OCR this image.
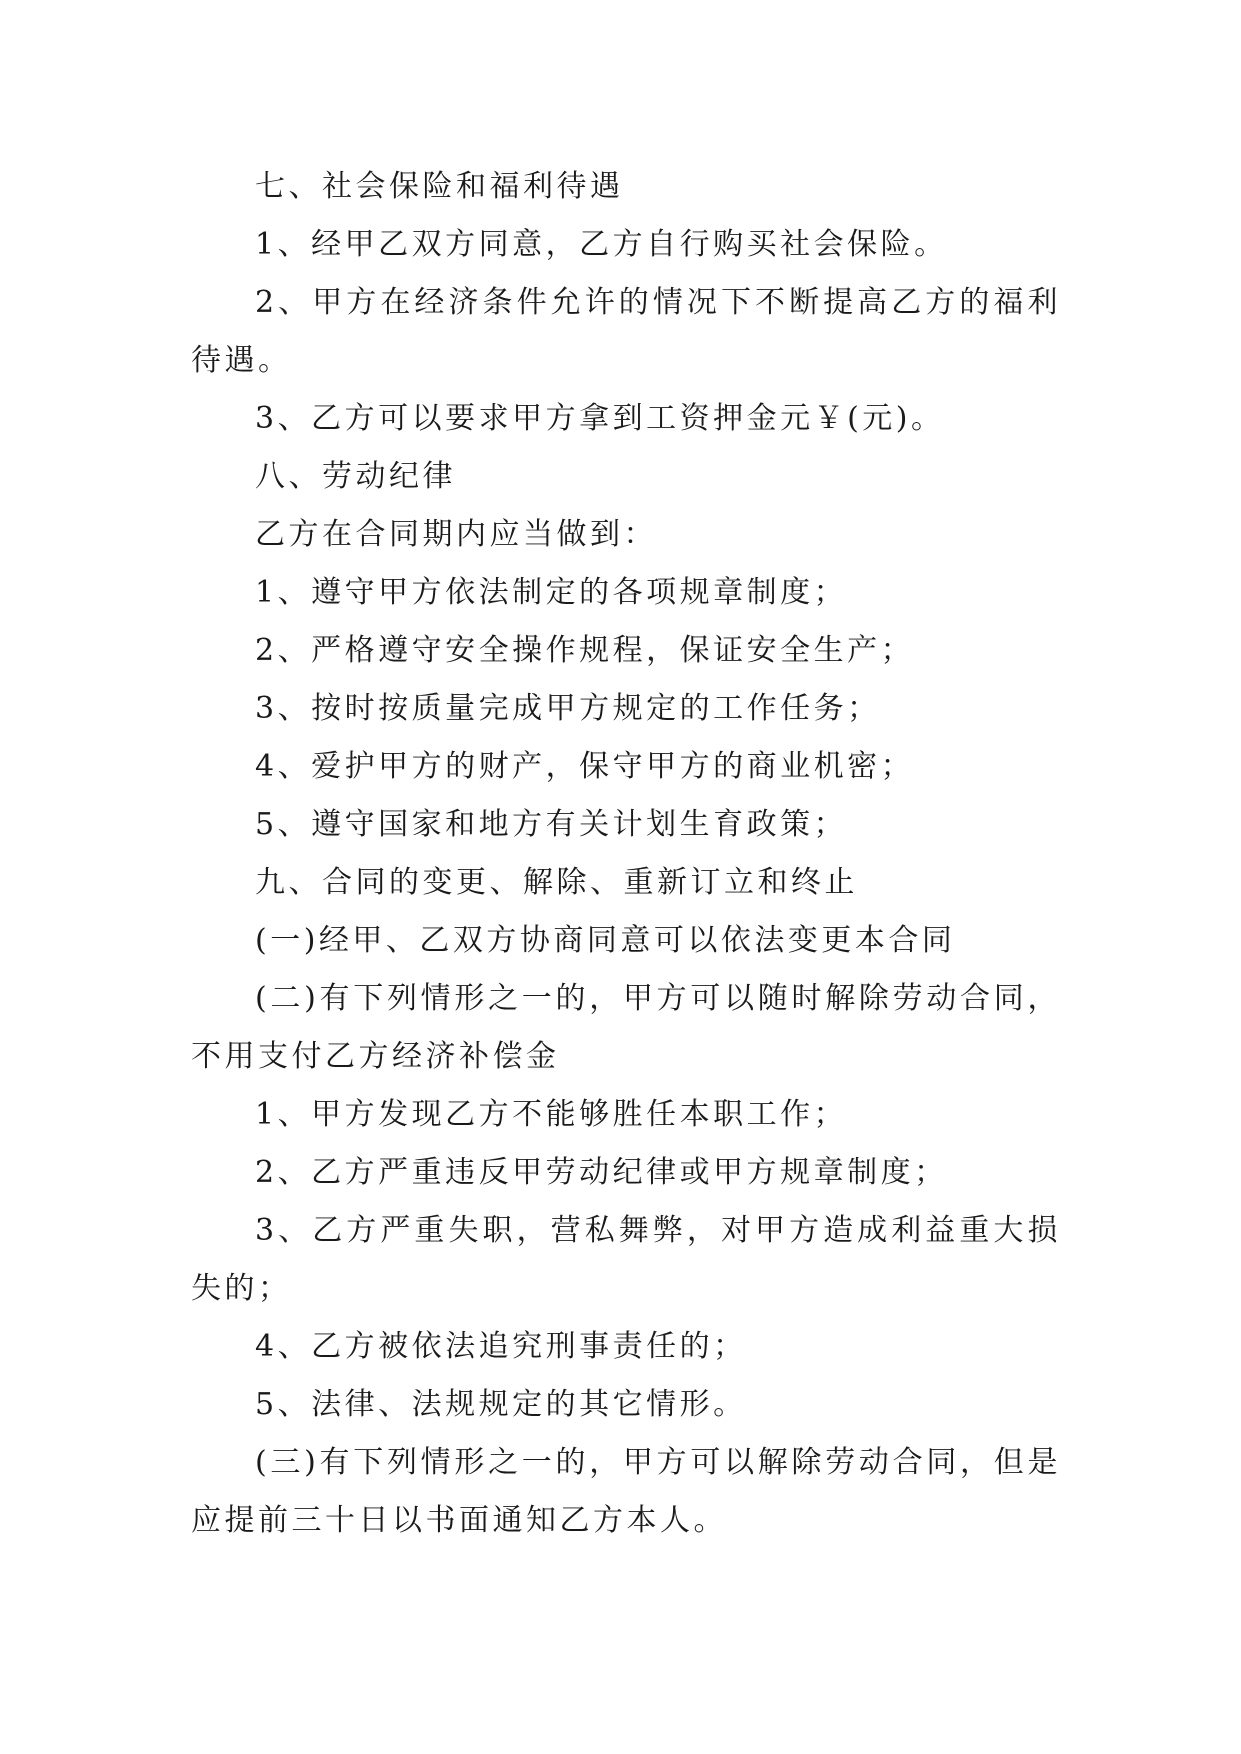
七、社会保险和福利待遇

1、经甲乙双方同意，乙方自行购买社会保险。

2、甲方在经济条件允许的情况下不断提高乙方的福利待遇。

3、乙方可以要求甲方拿到工资押金元￥(元)。

八、劳动纪律

乙方在合同期内应当做到：

1、遵守甲方依法制定的各项规章制度；

2、严格遵守安全操作规程，保证安全生产；

3、按时按质量完成甲方规定的工作任务；

4、爱护甲方的财产，保守甲方的商业机密；

5、遵守国家和地方有关计划生育政策；

九、合同的变更、解除、重新订立和终止

(一)经甲、乙双方协商同意可以依法变更本合同

(二)有下列情形之一的，甲方可以随时解除劳动合同，不用支付乙方经济补偿金

1、甲方发现乙方不能够胜任本职工作；

2、乙方严重违反甲劳动纪律或甲方规章制度；

3、乙方严重失职，营私舞弊，对甲方造成利益重大损失的；

4、乙方被依法追究刑事责任的；

5、法律、法规规定的其它情形。

(三)有下列情形之一的，甲方可以解除劳动合同，但是应提前三十日以书面通知乙方本人。
